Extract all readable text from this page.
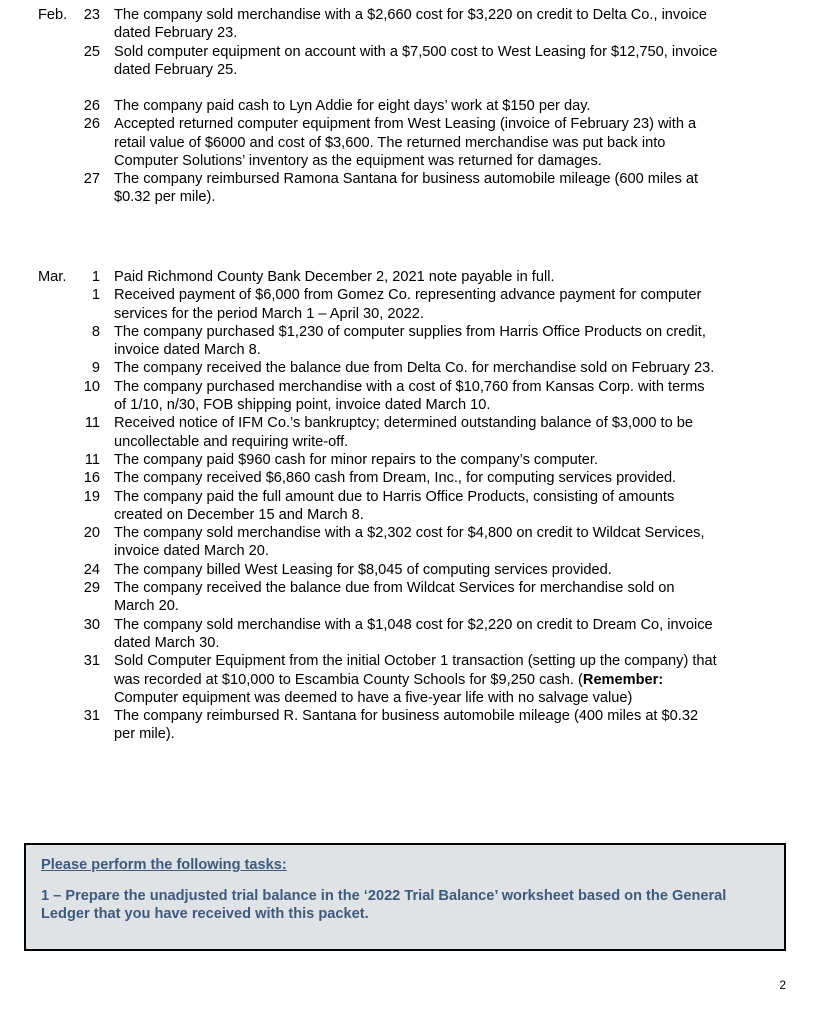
Feb.	23 The company sold merchandise with a $2,660 cost for $3,220 on credit to Delta Co., invoice dated February 23.
25 Sold computer equipment on account with a $7,500 cost to West Leasing for $12,750, invoice dated February 25.
26 The company paid cash to Lyn Addie for eight days’ work at $150 per day.
26 Accepted returned computer equipment from West Leasing (invoice of February 23) with a retail value of $6000 and cost of $3,600. The returned merchandise was put back into Computer Solutions’ inventory as the equipment was returned for damages.
27 The company reimbursed Ramona Santana for business automobile mileage (600 miles at $0.32 per mile).
Mar.	1 Paid Richmond County Bank December 2, 2021 note payable in full.
1 Received payment of $6,000 from Gomez Co. representing advance payment for computer services for the period March 1 – April 30, 2022.
8 The company purchased $1,230 of computer supplies from Harris Office Products on credit, invoice dated March 8.
9 The company received the balance due from Delta Co. for merchandise sold on February 23.
10 The company purchased merchandise with a cost of $10,760 from Kansas Corp. with terms of 1/10, n/30, FOB shipping point, invoice dated March 10.
11 Received notice of IFM Co.’s bankruptcy; determined outstanding balance of $3,000 to be uncollectable and requiring write-off.
11 The company paid $960 cash for minor repairs to the company’s computer.
16 The company received $6,860 cash from Dream, Inc., for computing services provided.
19 The company paid the full amount due to Harris Office Products, consisting of amounts created on December 15 and March 8.
20 The company sold merchandise with a $2,302 cost for $4,800 on credit to Wildcat Services, invoice dated March 20.
24 The company billed West Leasing for $8,045 of computing services provided.
29 The company received the balance due from Wildcat Services for merchandise sold on March 20.
30 The company sold merchandise with a $1,048 cost for $2,220 on credit to Dream Co, invoice dated March 30.
31 Sold Computer Equipment from the initial October 1 transaction (setting up the company) that was recorded at $10,000 to Escambia County Schools for $9,250 cash. (Remember: Computer equipment was deemed to have a five-year life with no salvage value)
31 The company reimbursed R. Santana for business automobile mileage (400 miles at $0.32 per mile).

Please perform the following tasks:

1 – Prepare the unadjusted trial balance in the ‘2022 Trial Balance’ worksheet based on the General Ledger that you have received with this packet.

2
